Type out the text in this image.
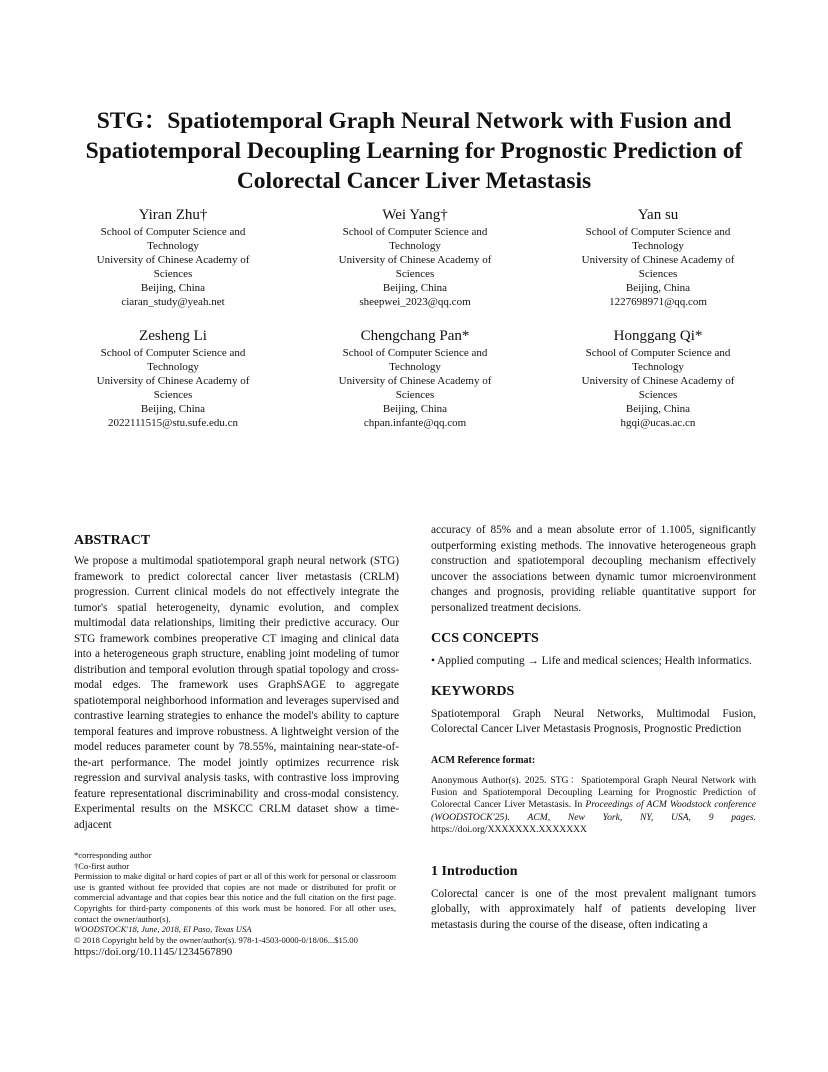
STG：Spatiotemporal Graph Neural Network with Fusion and
Spatiotemporal Decoupling Learning for Prognostic Prediction of
Colorectal Cancer Liver Metastasis
Yiran Zhu†
School of Computer Science and
Technology
University of Chinese Academy of
Sciences
Beijing, China
ciaran_study@yeah.net
Wei Yang†
School of Computer Science and
Technology
University of Chinese Academy of
Sciences
Beijing, China
sheepwei_2023@qq.com
Yan su
School of Computer Science and
Technology
University of Chinese Academy of
Sciences
Beijing, China
1227698971@qq.com
Zesheng Li
School of Computer Science and
Technology
University of Chinese Academy of
Sciences
Beijing, China
2022111515@stu.sufe.edu.cn
Chengchang Pan*
School of Computer Science and
Technology
University of Chinese Academy of
Sciences
Beijing, China
chpan.infante@qq.com
Honggang Qi*
School of Computer Science and
Technology
University of Chinese Academy of
Sciences
Beijing, China
hgqi@ucas.ac.cn
ABSTRACT

We propose a multimodal spatiotemporal graph neural network (STG) framework to predict colorectal cancer liver metastasis (CRLM) progression. Current clinical models do not effectively integrate the tumor's spatial heterogeneity, dynamic evolution, and complex multimodal data relationships, limiting their predictive accuracy. Our STG framework combines preoperative CT imaging and clinical data into a heterogeneous graph structure, enabling joint modeling of tumor distribution and temporal evolution through spatial topology and cross-modal edges. The framework uses GraphSAGE to aggregate spatiotemporal neighborhood information and leverages supervised and contrastive learning strategies to enhance the model's ability to capture temporal features and improve robustness. A lightweight version of the model reduces parameter count by 78.55%, maintaining near-state-of-the-art performance. The model jointly optimizes recurrence risk regression and survival analysis tasks, with contrastive loss improving feature representational discriminability and cross-modal consistency. Experimental results on the MSKCC CRLM dataset show a time-adjacent

*corresponding author
†Co-first author
Permission to make digital or hard copies of part or all of this work for personal or classroom use is granted without fee provided that copies are not made or distributed for profit or commercial advantage and that copies bear this notice and the full citation on the first page. Copyrights for third-party components of this work must be honored. For all other uses, contact the owner/author(s).
WOODSTOCK'18, June, 2018, El Paso, Texas USA
© 2018 Copyright held by the owner/author(s). 978-1-4503-0000-0/18/06...$15.00
https://doi.org/10.1145/1234567890

accuracy of 85% and a mean absolute error of 1.1005, significantly outperforming existing methods. The innovative heterogeneous graph construction and spatiotemporal decoupling mechanism effectively uncover the associations between dynamic tumor microenvironment changes and prognosis, providing reliable quantitative support for personalized treatment decisions.

CCS CONCEPTS

• Applied computing → Life and medical sciences; Health informatics.

KEYWORDS

Spatiotemporal Graph Neural Networks, Multimodal Fusion, Colorectal Cancer Liver Metastasis Prognosis, Prognostic Prediction

ACM Reference format:

Anonymous Author(s). 2025. STG：Spatiotemporal Graph Neural Network with Fusion and Spatiotemporal Decoupling Learning for Prognostic Prediction of Colorectal Cancer Liver Metastasis. In Proceedings of ACM Woodstock conference (WOODSTOCK'25). ACM, New York, NY, USA, 9 pages. https://doi.org/XXXXXXX.XXXXXXX

1 Introduction

Colorectal cancer is one of the most prevalent malignant tumors globally, with approximately half of patients developing liver metastasis during the course of the disease, often indicating a
